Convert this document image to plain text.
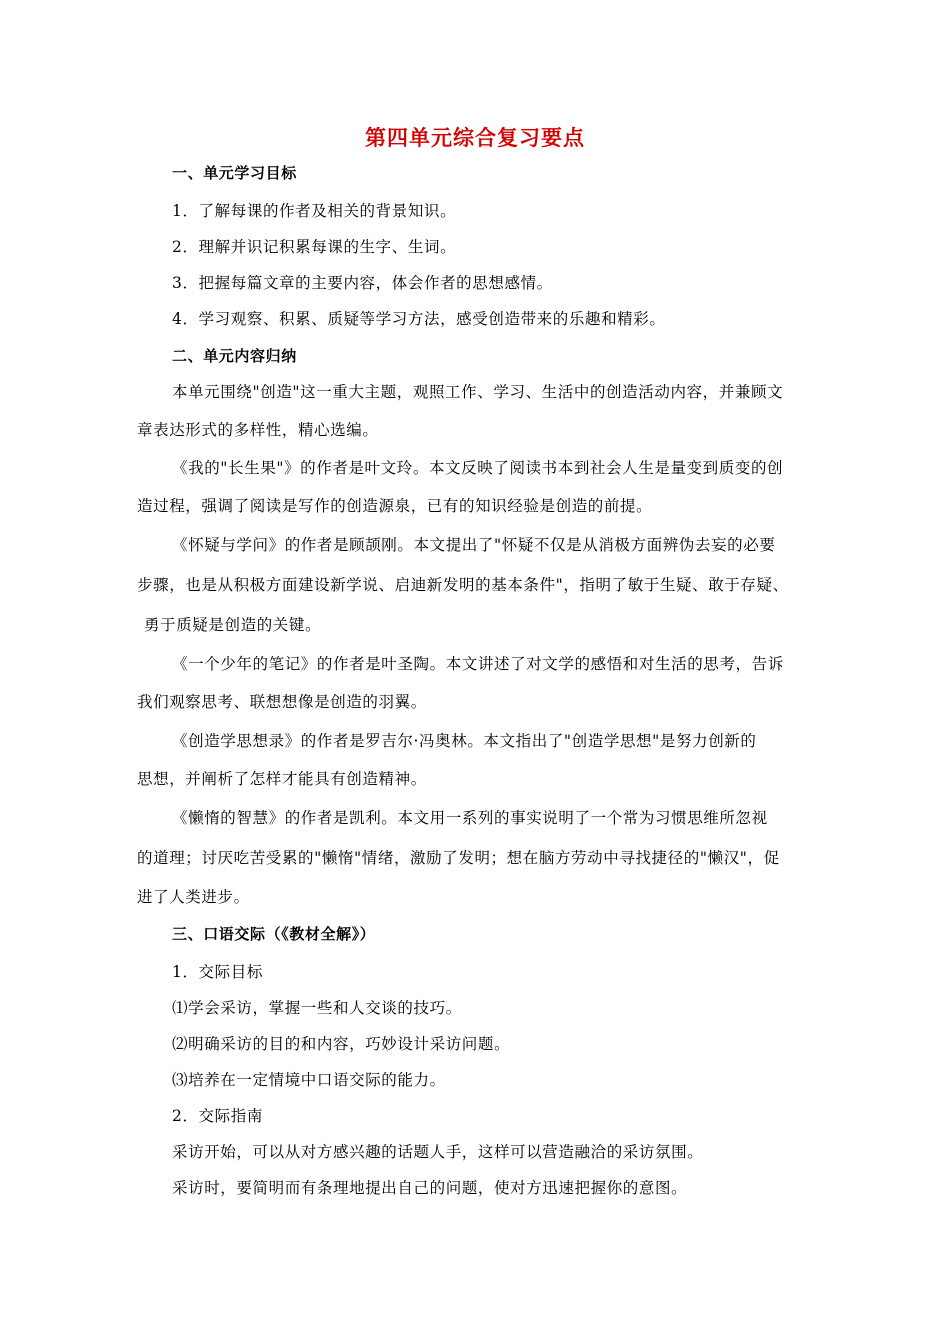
第四单元综合复习要点
一、单元学习目标
1．了解每课的作者及相关的背景知识。
2．理解并识记积累每课的生字、生词。
3．把握每篇文章的主要内容，体会作者的思想感情。
4．学习观察、积累、质疑等学习方法，感受创造带来的乐趣和精彩。
二、单元内容归纳
本单元围绕"创造"这一重大主题，观照工作、学习、生活中的创造活动内容，并兼顾文
章表达形式的多样性，精心选编。
《我的"长生果"》的作者是叶文玲。本文反映了阅读书本到社会人生是量变到质变的创
造过程，强调了阅读是写作的创造源泉，已有的知识经验是创造的前提。
《怀疑与学问》的作者是顾颉刚。本文提出了"怀疑不仅是从消极方面辨伪去妄的必要
步骤，也是从积极方面建设新学说、启迪新发明的基本条件"，指明了敏于生疑、敢于存疑、
勇于质疑是创造的关键。
《一个少年的笔记》的作者是叶圣陶。本文讲述了对文学的感悟和对生活的思考，告诉
我们观察思考、联想想像是创造的羽翼。
《创造学思想录》的作者是罗吉尔·冯奥林。本文指出了"创造学思想"是努力创新的
思想，并阐析了怎样才能具有创造精神。
《懒惰的智慧》的作者是凯利。本文用一系列的事实说明了一个常为习惯思维所忽视
的道理；讨厌吃苦受累的"懒惰"情绪，激励了发明；想在脑方劳动中寻找捷径的"懒汉"，促
进了人类进步。
三、口语交际（《教材全解》）
1．交际目标
⑴学会采访，掌握一些和人交谈的技巧。
⑵明确采访的目的和内容，巧妙设计采访问题。
⑶培养在一定情境中口语交际的能力。
2．交际指南
采访开始，可以从对方感兴趣的话题人手，这样可以营造融洽的采访氛围。
采访时，要简明而有条理地提出自己的问题，使对方迅速把握你的意图。
